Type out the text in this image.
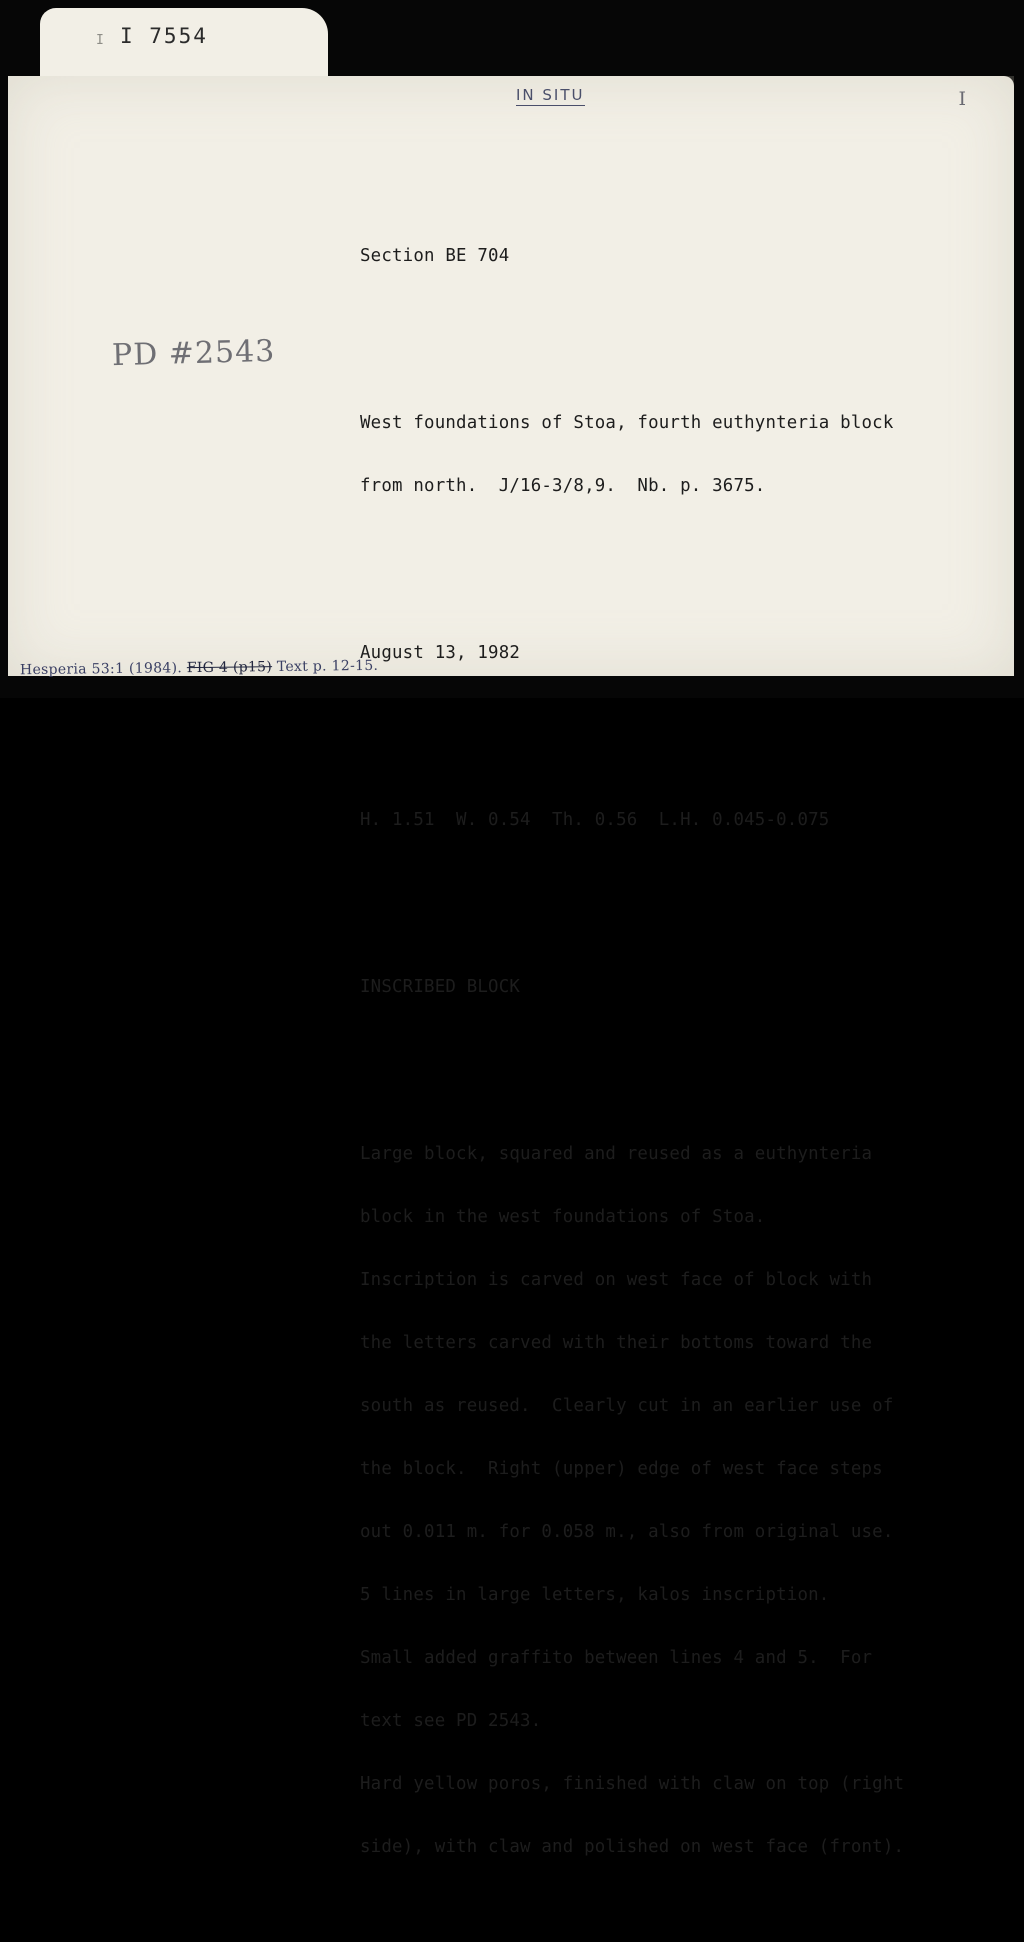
I I 7554
IN SITU	I
PD #2543

Section BE 704

West foundations of Stoa, fourth euthynteria block

from north.  J/16-3/8,9.  Nb. p. 3675.

August 13, 1982

H. 1.51  W. 0.54  Th. 0.56  L.H. 0.045-0.075

INSCRIBED BLOCK

Large block, squared and reused as a euthynteria

block in the west foundations of Stoa.

Inscription is carved on west face of block with

the letters carved with their bottoms toward the

south as reused.  Clearly cut in an earlier use of

the block.  Right (upper) edge of west face steps

out 0.011 m. for 0.058 m., also from original use.

5 lines in large letters, kalos inscription.

Small added graffito between lines 4 and 5.  For

text see PD 2543.

Hard yellow poros, finished with claw on top (right

side), with claw and polished on west face (front).

Hesperia 53:1 (1984). FIG 4 (p15) Text p. 12-15.
